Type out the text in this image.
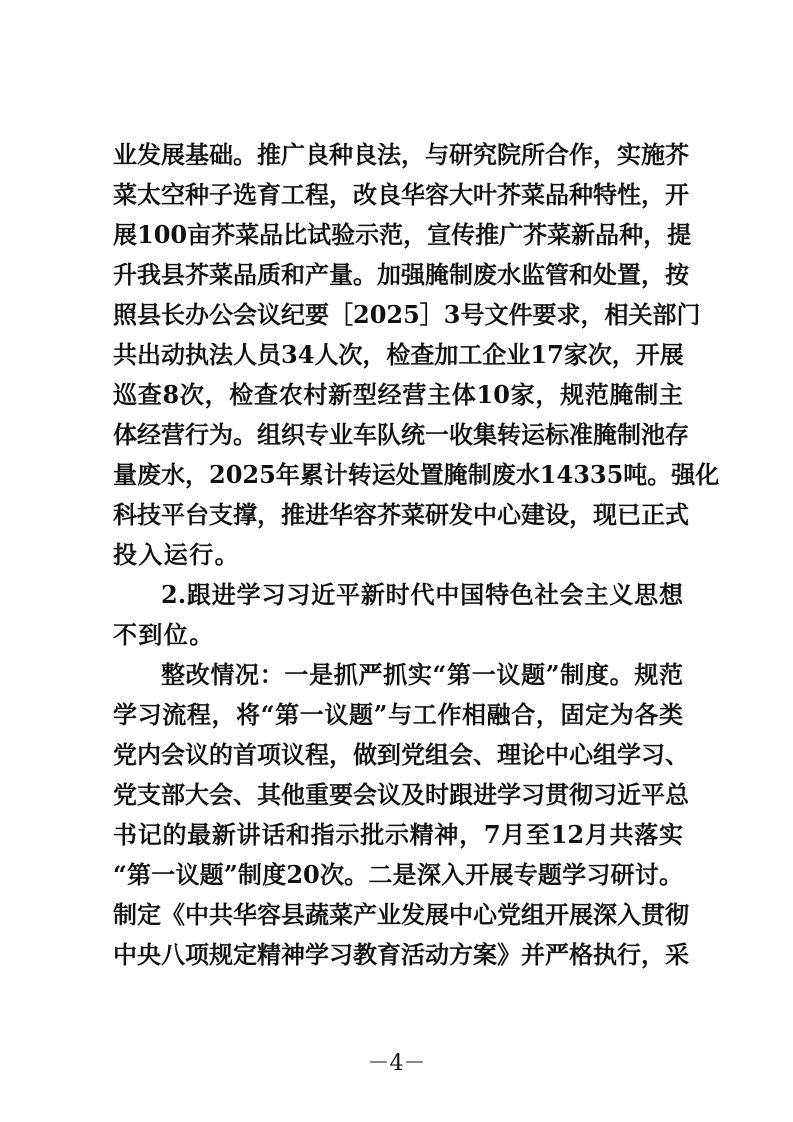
业发展基础。推广良种良法，与研究院所合作，实施芥
菜太空种子选育工程，改良华容大叶芥菜品种特性，开
展100亩芥菜品比试验示范，宣传推广芥菜新品种，提
升我县芥菜品质和产量。加强腌制废水监管和处置，按
照县长办公会议纪要［2025］3号文件要求，相关部门
共出动执法人员34人次，检查加工企业17家次，开展
巡查8次，检查农村新型经营主体10家，规范腌制主
体经营行为。组织专业车队统一收集转运标准腌制池存
量废水，2025年累计转运处置腌制废水14335吨。强化
科技平台支撑，推进华容芥菜研发中心建设，现已正式
投入运行。
2.跟进学习习近平新时代中国特色社会主义思想
不到位。
整改情况：一是抓严抓实“第一议题”制度。规范
学习流程，将“第一议题”与工作相融合，固定为各类
党内会议的首项议程，做到党组会、理论中心组学习、
党支部大会、其他重要会议及时跟进学习贯彻习近平总
书记的最新讲话和指示批示精神，7月至12月共落实
“第一议题”制度20次。二是深入开展专题学习研讨。
制定《中共华容县蔬菜产业发展中心党组开展深入贯彻
中央八项规定精神学习教育活动方案》并严格执行，采
－4－
